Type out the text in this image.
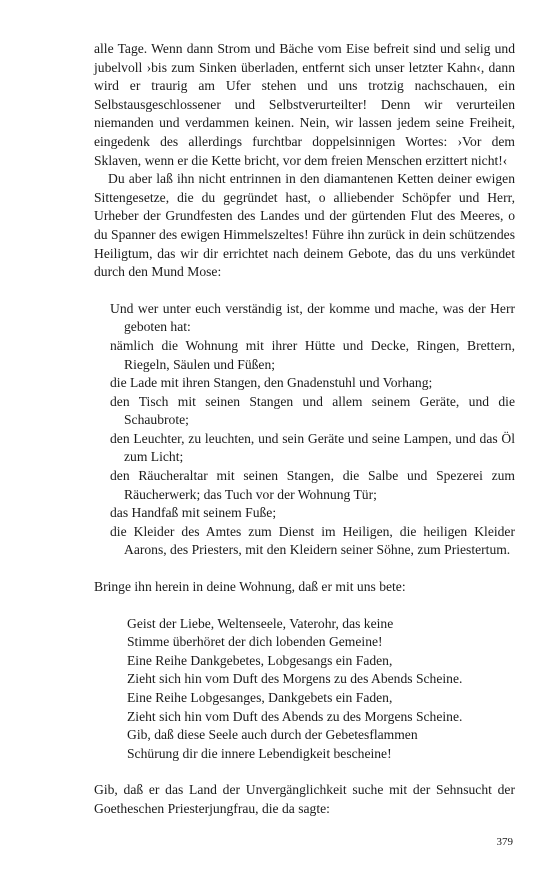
alle Tage. Wenn dann Strom und Bäche vom Eise befreit sind und selig und jubelvoll ›bis zum Sinken überladen, entfernt sich unser letzter Kahn‹, dann wird er traurig am Ufer stehen und uns trotzig nachschauen, ein Selbstausgeschlossener und Selbstverurteilter! Denn wir verurteilen niemanden und verdammen keinen. Nein, wir lassen jedem seine Freiheit, eingedenk des allerdings furchtbar doppelsinnigen Wortes: ›Vor dem Sklaven, wenn er die Kette bricht, vor dem freien Menschen erzittert nicht!‹

Du aber laß ihn nicht entrinnen in den diamantenen Ketten deiner ewigen Sittengesetze, die du gegründet hast, o alliebender Schöpfer und Herr, Urheber der Grundfesten des Landes und der gürtenden Flut des Meeres, o du Spanner des ewigen Himmelszeltes! Führe ihn zurück in dein schützendes Heiligtum, das wir dir errichtet nach deinem Gebote, das du uns verkündet durch den Mund Mose:

Und wer unter euch verständig ist, der komme und mache, was der Herr geboten hat:

nämlich die Wohnung mit ihrer Hütte und Decke, Ringen, Brettern, Riegeln, Säulen und Füßen;

die Lade mit ihren Stangen, den Gnadenstuhl und Vorhang;

den Tisch mit seinen Stangen und allem seinem Geräte, und die Schaubrote;

den Leuchter, zu leuchten, und sein Geräte und seine Lampen, und das Öl zum Licht;

den Räucheraltar mit seinen Stangen, die Salbe und Spezerei zum Räucherwerk; das Tuch vor der Wohnung Tür;

das Handfaß mit seinem Fuße;

die Kleider des Amtes zum Dienst im Heiligen, die heiligen Kleider Aarons, des Priesters, mit den Kleidern seiner Söhne, zum Priestertum.

Bringe ihn herein in deine Wohnung, daß er mit uns bete:

Geist der Liebe, Weltenseele, Vaterohr, das keine

Stimme überhöret der dich lobenden Gemeine!

Eine Reihe Dankgebetes, Lobgesangs ein Faden,

Zieht sich hin vom Duft des Morgens zu des Abends Scheine.

Eine Reihe Lobgesanges, Dankgebets ein Faden,

Zieht sich hin vom Duft des Abends zu des Morgens Scheine.

Gib, daß diese Seele auch durch der Gebetesflammen

Schürung dir die innere Lebendigkeit bescheine!

Gib, daß er das Land der Unvergänglichkeit suche mit der Sehnsucht der Goetheschen Priesterjungfrau, die da sagte:

379
